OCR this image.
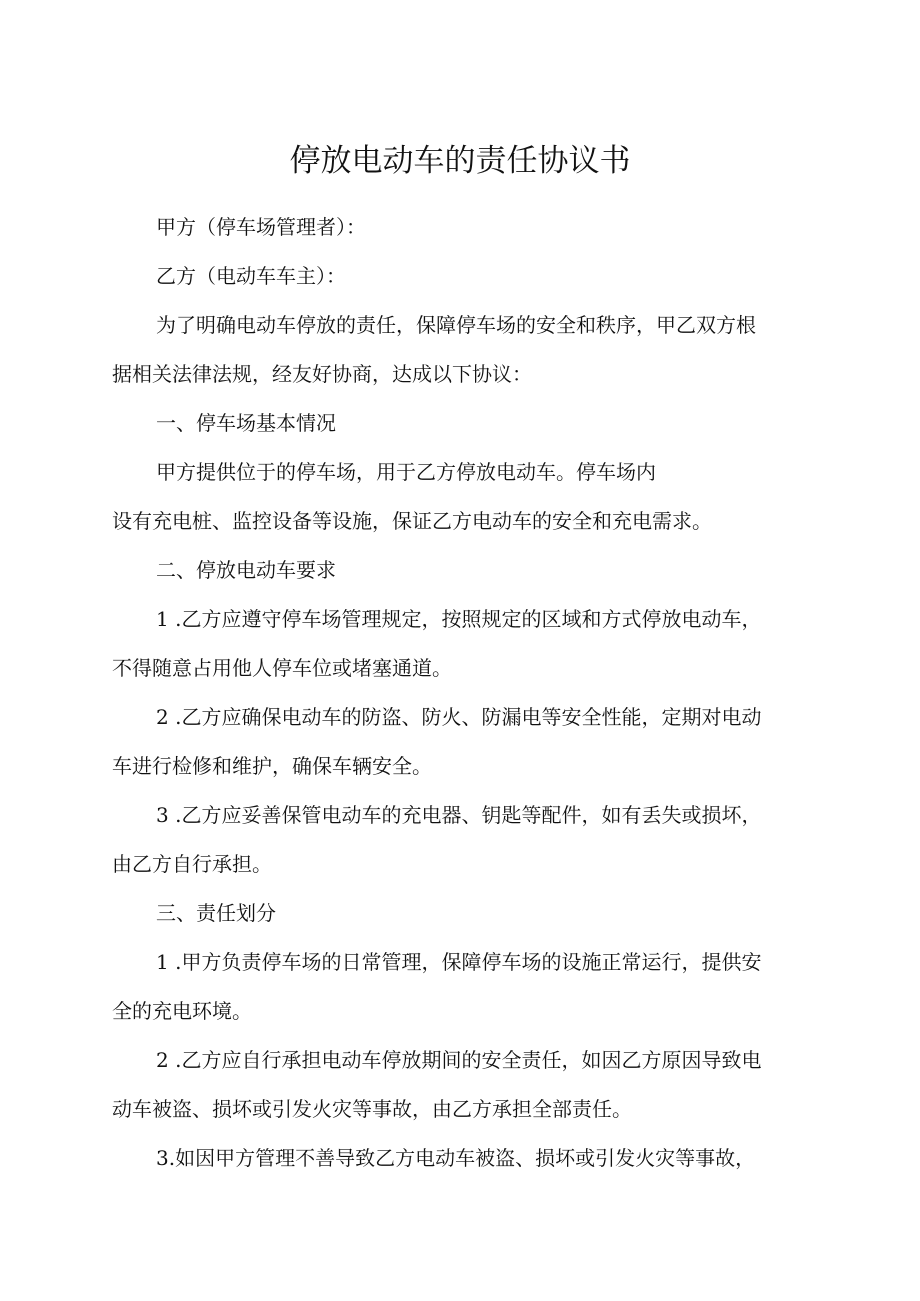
停放电动车的责任协议书
甲方（停车场管理者）：
乙方（电动车车主）：
为了明确电动车停放的责任，保障停车场的安全和秩序，甲乙双方根
据相关法律法规，经友好协商，达成以下协议：
一、停车场基本情况
甲方提供位于的停车场，用于乙方停放电动车。停车场内
设有充电桩、监控设备等设施，保证乙方电动车的安全和充电需求。
二、停放电动车要求
1 .乙方应遵守停车场管理规定，按照规定的区域和方式停放电动车，
不得随意占用他人停车位或堵塞通道。
2 .乙方应确保电动车的防盗、防火、防漏电等安全性能，定期对电动
车进行检修和维护，确保车辆安全。
3 .乙方应妥善保管电动车的充电器、钥匙等配件，如有丢失或损坏，
由乙方自行承担。
三、责任划分
1 .甲方负责停车场的日常管理，保障停车场的设施正常运行，提供安
全的充电环境。
2 .乙方应自行承担电动车停放期间的安全责任，如因乙方原因导致电
动车被盗、损坏或引发火灾等事故，由乙方承担全部责任。
3.如因甲方管理不善导致乙方电动车被盗、损坏或引发火灾等事故，
